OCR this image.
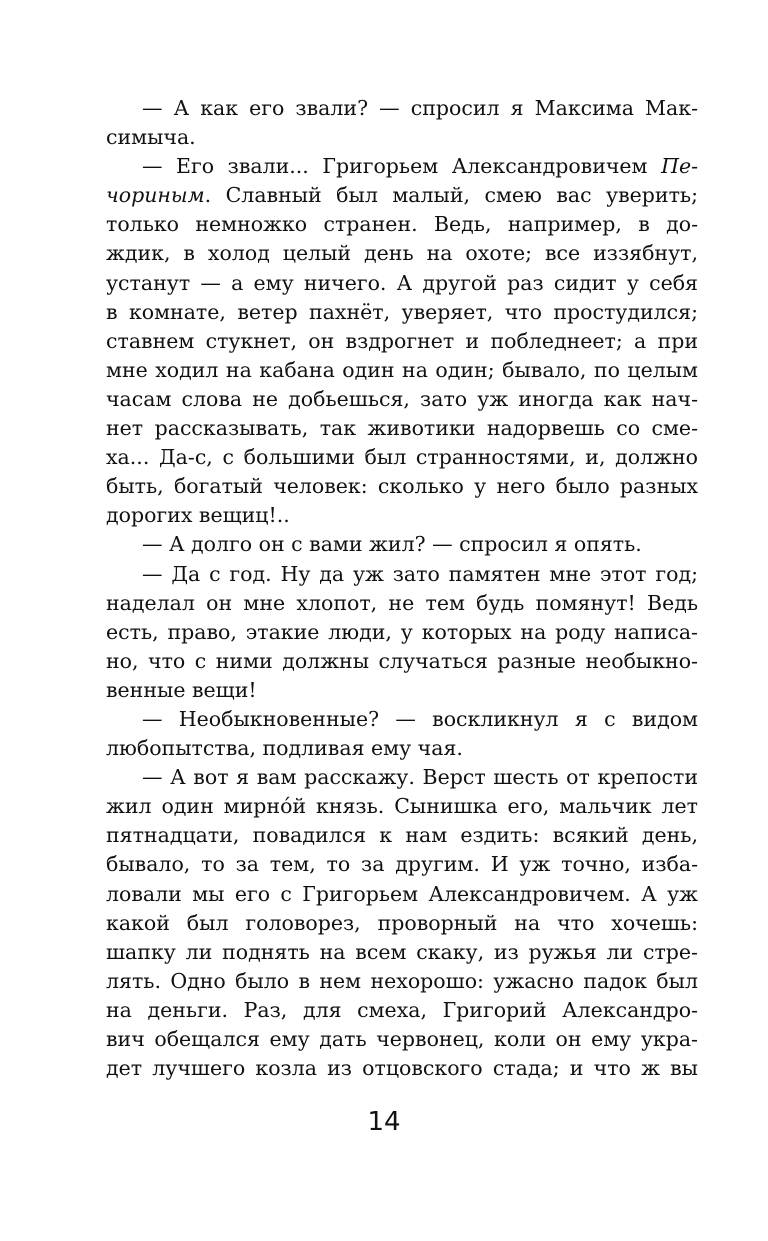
— А как его звали? — спросил я Максима Мак-
симыча.
— Его звали... Григорьем Александровичем Пе-
чориным. Славный был малый, смею вас уверить;
только немножко странен. Ведь, например, в до-
ждик, в холод целый день на охоте; все иззябнут,
устанут — а ему ничего. А другой раз сидит у себя
в комнате, ветер пахнёт, уверяет, что простудился;
ставнем стукнет, он вздрогнет и побледнеет; а при
мне ходил на кабана один на один; бывало, по целым
часам слова не добьешься, зато уж иногда как нач-
нет рассказывать, так животики надорвешь со сме-
ха... Да-с, с большими был странностями, и, должно
быть, богатый человек: сколько у него было разных
дорогих вещиц!..
— А долго он с вами жил? — спросил я опять.
— Да с год. Ну да уж зато памятен мне этот год;
наделал он мне хлопот, не тем будь помянут! Ведь
есть, право, этакие люди, у которых на роду написа-
но, что с ними должны случаться разные необыкно-
венные вещи!
— Необыкновенные? — воскликнул я с видом
любопытства, подливая ему чая.
— А вот я вам расскажу. Верст шесть от крепости
жил один мирно́й князь. Сынишка его, мальчик лет
пятнадцати, повадился к нам ездить: всякий день,
бывало, то за тем, то за другим. И уж точно, изба-
ловали мы его с Григорьем Александровичем. А уж
какой был головорез, проворный на что хочешь:
шапку ли поднять на всем скаку, из ружья ли стре-
лять. Одно было в нем нехорошо: ужасно падок был
на деньги. Раз, для смеха, Григорий Александро-
вич обещался ему дать червонец, коли он ему укра-
дет лучшего козла из отцовского стада; и что ж вы
14
